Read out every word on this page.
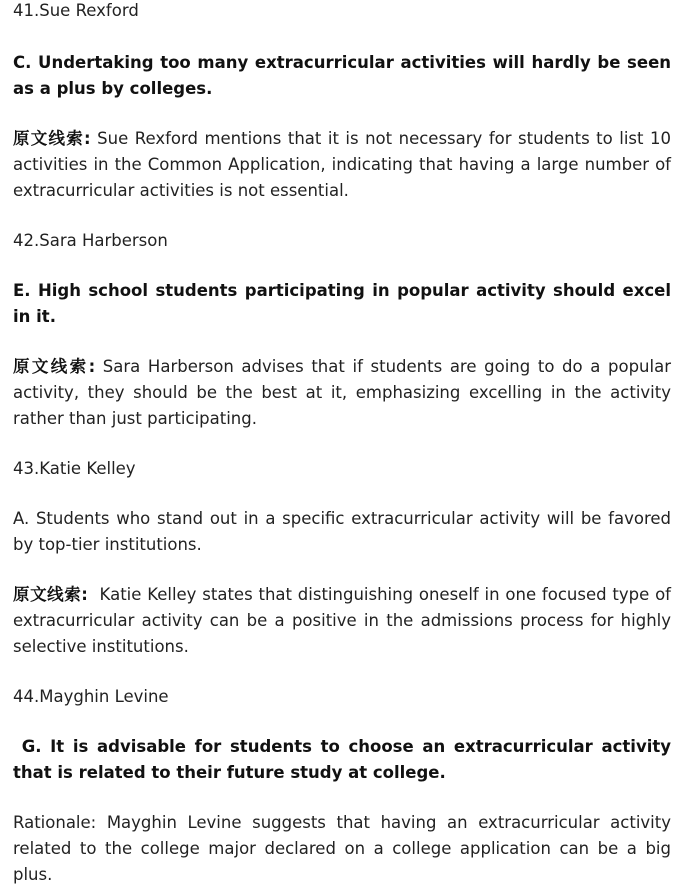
41.Sue Rexford

C. Undertaking too many extracurricular activities will hardly be seen as a plus by colleges.

原文线索: Sue Rexford mentions that it is not necessary for students to list 10 activities in the Common Application, indicating that having a large number of extracurricular activities is not essential.

42.Sara Harberson

E. High school students participating in popular activity should excel in it.

原文线索: Sara Harberson advises that if students are going to do a popular activity, they should be the best at it, emphasizing excelling in the activity rather than just participating.

43.Katie Kelley

A. Students who stand out in a specific extracurricular activity will be favored by top-tier institutions.

原文线索:  Katie Kelley states that distinguishing oneself in one focused type of extracurricular activity can be a positive in the admissions process for highly selective institutions.

44.Mayghin Levine

G. It is advisable for students to choose an extracurricular activity that is related to their future study at college.

Rationale: Mayghin Levine suggests that having an extracurricular activity related to the college major declared on a college application can be a big plus.
